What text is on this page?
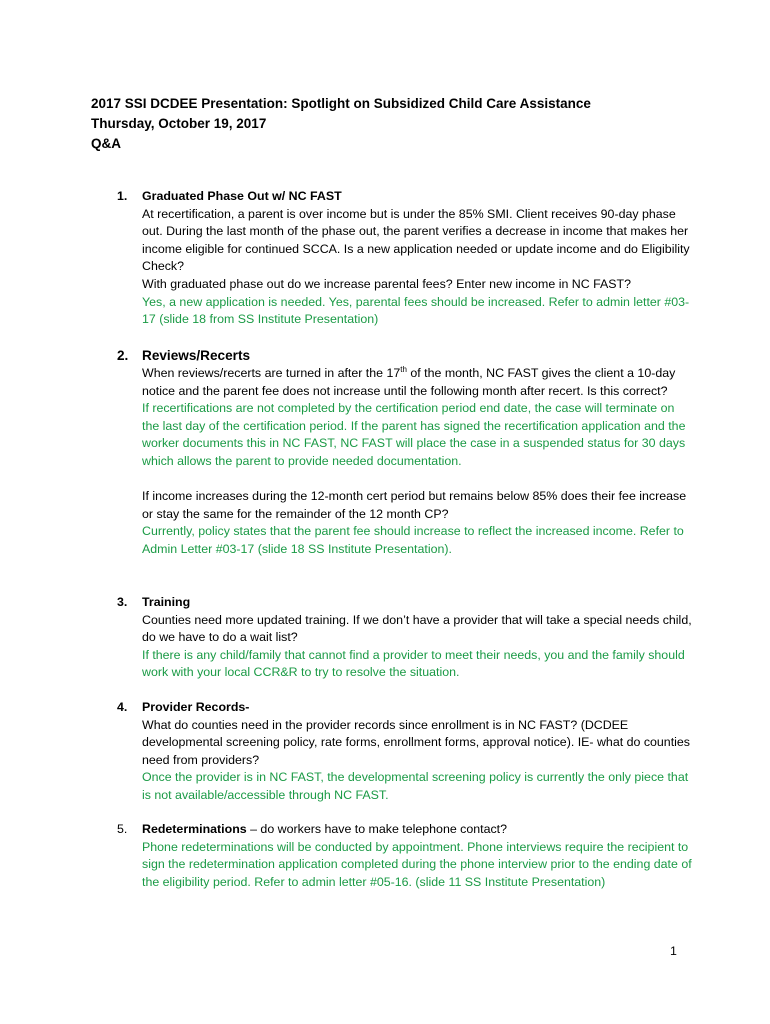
2017 SSI DCDEE Presentation: Spotlight on Subsidized Child Care Assistance
Thursday, October 19, 2017
Q&A
1.	Graduated Phase Out w/ NC FAST

At recertification, a parent is over income but is under the 85% SMI. Client receives 90-day phase out. During the last month of the phase out, the parent verifies a decrease in income that makes her income eligible for continued SCCA. Is a new application needed or update income and do Eligibility Check?

With graduated phase out do we increase parental fees? Enter new income in NC FAST?

Yes, a new application is needed. Yes, parental fees should be increased. Refer to admin letter #03-17 (slide 18 from SS Institute Presentation)

2.	Reviews/Recerts

When reviews/recerts are turned in after the 17th of the month, NC FAST gives the client a 10-day notice and the parent fee does not increase until the following month after recert. Is this correct?

If recertifications are not completed by the certification period end date, the case will terminate on the last day of the certification period. If the parent has signed the recertification application and the worker documents this in NC FAST, NC FAST will place the case in a suspended status for 30 days which allows the parent to provide needed documentation.

If income increases during the 12-month cert period but remains below 85% does their fee increase or stay the same for the remainder of the 12 month CP?

Currently, policy states that the parent fee should increase to reflect the increased income. Refer to Admin Letter #03-17 (slide 18 SS Institute Presentation).

3.	Training

Counties need more updated training. If we don’t have a provider that will take a special needs child, do we have to do a wait list?

If there is any child/family that cannot find a provider to meet their needs, you and the family should work with your local CCR&R to try to resolve the situation.

4.	Provider Records-

What do counties need in the provider records since enrollment is in NC FAST? (DCDEE developmental screening policy, rate forms, enrollment forms, approval notice). IE- what do counties need from providers?

Once the provider is in NC FAST, the developmental screening policy is currently the only piece that is not available/accessible through NC FAST.

5.	Redeterminations – do workers have to make telephone contact?

Phone redeterminations will be conducted by appointment. Phone interviews require the recipient to sign the redetermination application completed during the phone interview prior to the ending date of the eligibility period. Refer to admin letter #05-16. (slide 11 SS Institute Presentation)

1
